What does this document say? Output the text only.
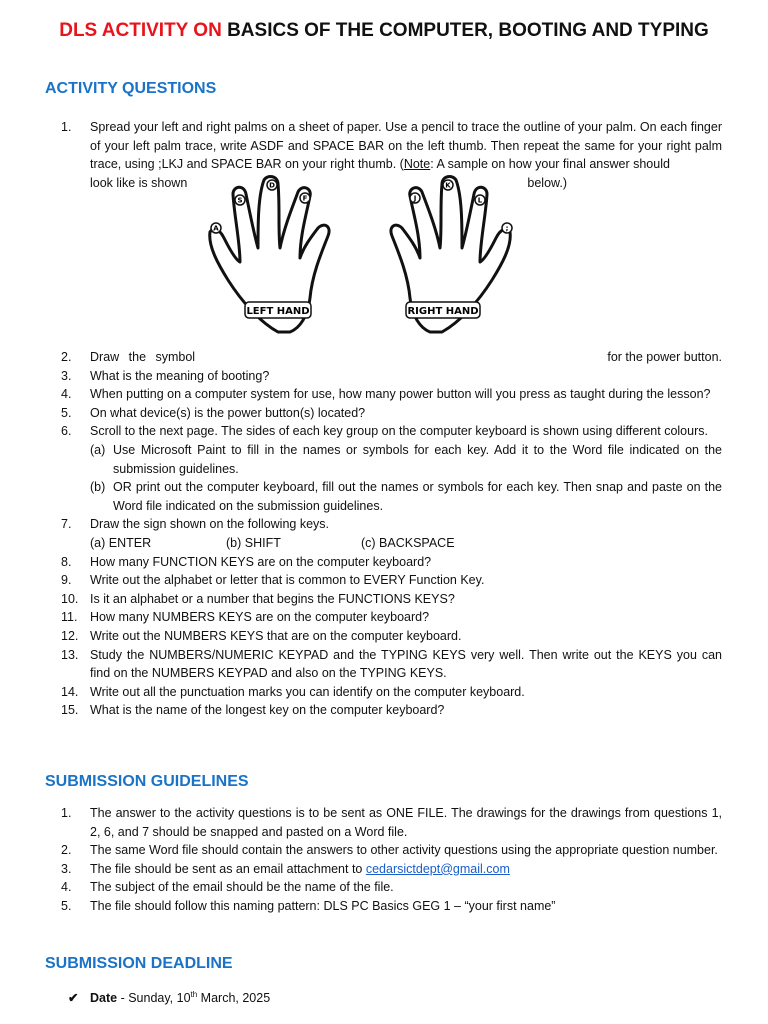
DLS ACTIVITY ON BASICS OF THE COMPUTER, BOOTING AND TYPING
ACTIVITY QUESTIONS
1.	Spread your left and right palms on a sheet of paper. Use a pencil to trace the outline of your palm. On each finger of your left palm trace, write ASDF and SPACE BAR on the left thumb. Then repeat the same for your right palm trace, using ;LKJ and SPACE BAR on your right thumb. (Note: A sample on how your final answer should
look like is shown	below.)
A
S
D
F	J
K
L
;
LEFT HAND	RIGHT HAND
2.	Draw the symbol	for the power button.
3.	What is the meaning of booting?
4.	When putting on a computer system for use, how many power button will you press as taught during the lesson?
5.	On what device(s) is the power button(s) located?
6.	Scroll to the next page. The sides of each key group on the computer keyboard is shown using different colours.
(a) Use Microsoft Paint to fill in the names or symbols for each key. Add it to the Word file indicated on the submission guidelines.
(b) OR print out the computer keyboard, fill out the names or symbols for each key. Then snap and paste on the Word file indicated on the submission guidelines.
7.	Draw the sign shown on the following keys.
(a) ENTER	(b) SHIFT	(c) BACKSPACE
8.	How many FUNCTION KEYS are on the computer keyboard?
9.	Write out the alphabet or letter that is common to EVERY Function Key.
10. Is it an alphabet or a number that begins the FUNCTIONS KEYS?
11.	How many NUMBERS KEYS are on the computer keyboard?
12. Write out the NUMBERS KEYS that are on the computer keyboard.
13. Study the NUMBERS/NUMERIC KEYPAD and the TYPING KEYS very well. Then write out the KEYS you can find on the NUMBERS KEYPAD and also on the TYPING KEYS.
14. Write out all the punctuation marks you can identify on the computer keyboard.
15. What is the name of the longest key on the computer keyboard?
SUBMISSION GUIDELINES
1.	The answer to the activity questions is to be sent as ONE FILE. The drawings for the drawings from questions 1, 2, 6, and 7 should be snapped and pasted on a Word file.
2.	The same Word file should contain the answers to other activity questions using the appropriate question number.
3.	The file should be sent as an email attachment to cedarsictdept@gmail.com
4.	The subject of the email should be the name of the file.
5.	The file should follow this naming pattern: DLS PC Basics GEG 1 – “your first name”
SUBMISSION DEADLINE
✔ Date - Sunday, 10th March, 2025
